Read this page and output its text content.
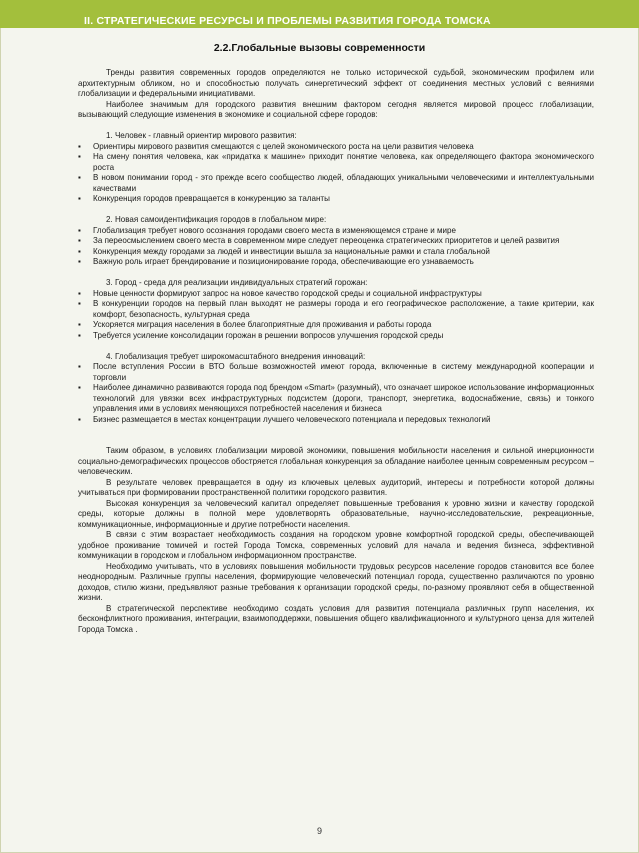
II. СТРАТЕГИЧЕСКИЕ РЕСУРСЫ И ПРОБЛЕМЫ РАЗВИТИЯ ГОРОДА ТОМСКА
2.2.Глобальные вызовы современности

Тренды развития современных городов определяются не только исторической судьбой, экономическим профилем или архитектурным обликом, но и способностью получать синергетический эффект от соединения местных условий с веяниями глобализации и федеральными инициативами.

Наиболее значимым для городского развития внешним фактором сегодня является мировой процесс глобализации, вызывающий следующие изменения в экономике и социальной сфере городов:

1. Человек - главный ориентир мирового развития:

▪ Ориентиры мирового развития смещаются с целей экономического роста на цели развития человека

▪ На смену понятия человека, как «придатка к машине» приходит понятие человека, как определяющего фактора экономического роста

▪ В новом понимании город - это прежде всего сообщество людей, обладающих уникальными человеческими и интеллектуальными качествами

▪ Конкуренция городов превращается в конкуренцию за таланты

2. Новая самоидентификация городов в глобальном мире:

▪ Глобализация требует нового осознания городами своего места в изменяющемся стране и мире

▪ За переосмыслением своего места в современном мире следует переоценка стратегических приоритетов и целей развития

▪ Конкуренция между городами за людей и инвестиции вышла за национальные рамки и стала глобальной

▪ Важную роль играет брендирование и позиционирование города, обеспечивающие его узнаваемость

3. Город - среда для реализации индивидуальных стратегий горожан:

▪ Новые ценности формируют запрос на новое качество городской среды и социальной инфраструктуры

▪ В конкуренции городов на первый план выходят не размеры города и его географическое расположение, а такие критерии, как комфорт, безопасность, культурная среда

▪ Ускоряется миграция населения в более благоприятные для проживания и работы города

▪ Требуется усиление консолидации горожан в решении вопросов улучшения городской среды

4. Глобализация требует широкомасштабного внедрения инноваций:

▪ После вступления России в ВТО больше возможностей имеют города, включенные в систему международной кооперации и торговли

▪ Наиболее динамично развиваются города под брендом «Smart» (разумный), что означает широкое использование информационных технологий для увязки всех инфраструктурных подсистем (дороги, транспорт, энергетика, водоснабжение, связь) и тонкого управления ими в условиях меняющихся потребностей населения и бизнеса

▪ Бизнес размещается в местах концентрации лучшего человеческого потенциала и передовых технологий

Таким образом, в условиях глобализации мировой экономики, повышения мобильности населения и сильной инерционности социально-демографических процессов обостряется глобальная конкуренция за обладание наиболее ценным современным ресурсом – человеческим.

В результате человек превращается в одну из ключевых целевых аудиторий, интересы и потребности которой должны учитываться при формировании пространственной политики городского развития.

Высокая конкуренция за человеческий капитал определяет повышенные требования к уровню жизни и качеству городской среды, которые должны в полной мере удовлетворять образовательные, научно-исследовательские, рекреационные, коммуникационные, информационные и другие потребности населения.

В связи с этим возрастает необходимость создания на городском уровне комфортной городской среды, обеспечивающей удобное проживание томичей и гостей Города Томска, современных условий для начала и ведения бизнеса, эффективной коммуникации в городском и глобальном информационном пространстве.

Необходимо учитывать, что в условиях повышения мобильности трудовых ресурсов население городов становится все более неоднородным. Различные группы населения, формирующие человеческий потенциал города, существенно различаются по уровню доходов, стилю жизни, предъявляют разные требования к организации городской среды, по-разному проявляют себя в общественной жизни.

В стратегической перспективе необходимо создать условия для развития потенциала различных групп населения, их бесконфликтного проживания, интеграции, взаимоподдержки, повышения общего квалификационного и культурного ценза для жителей Города Томска .

9
